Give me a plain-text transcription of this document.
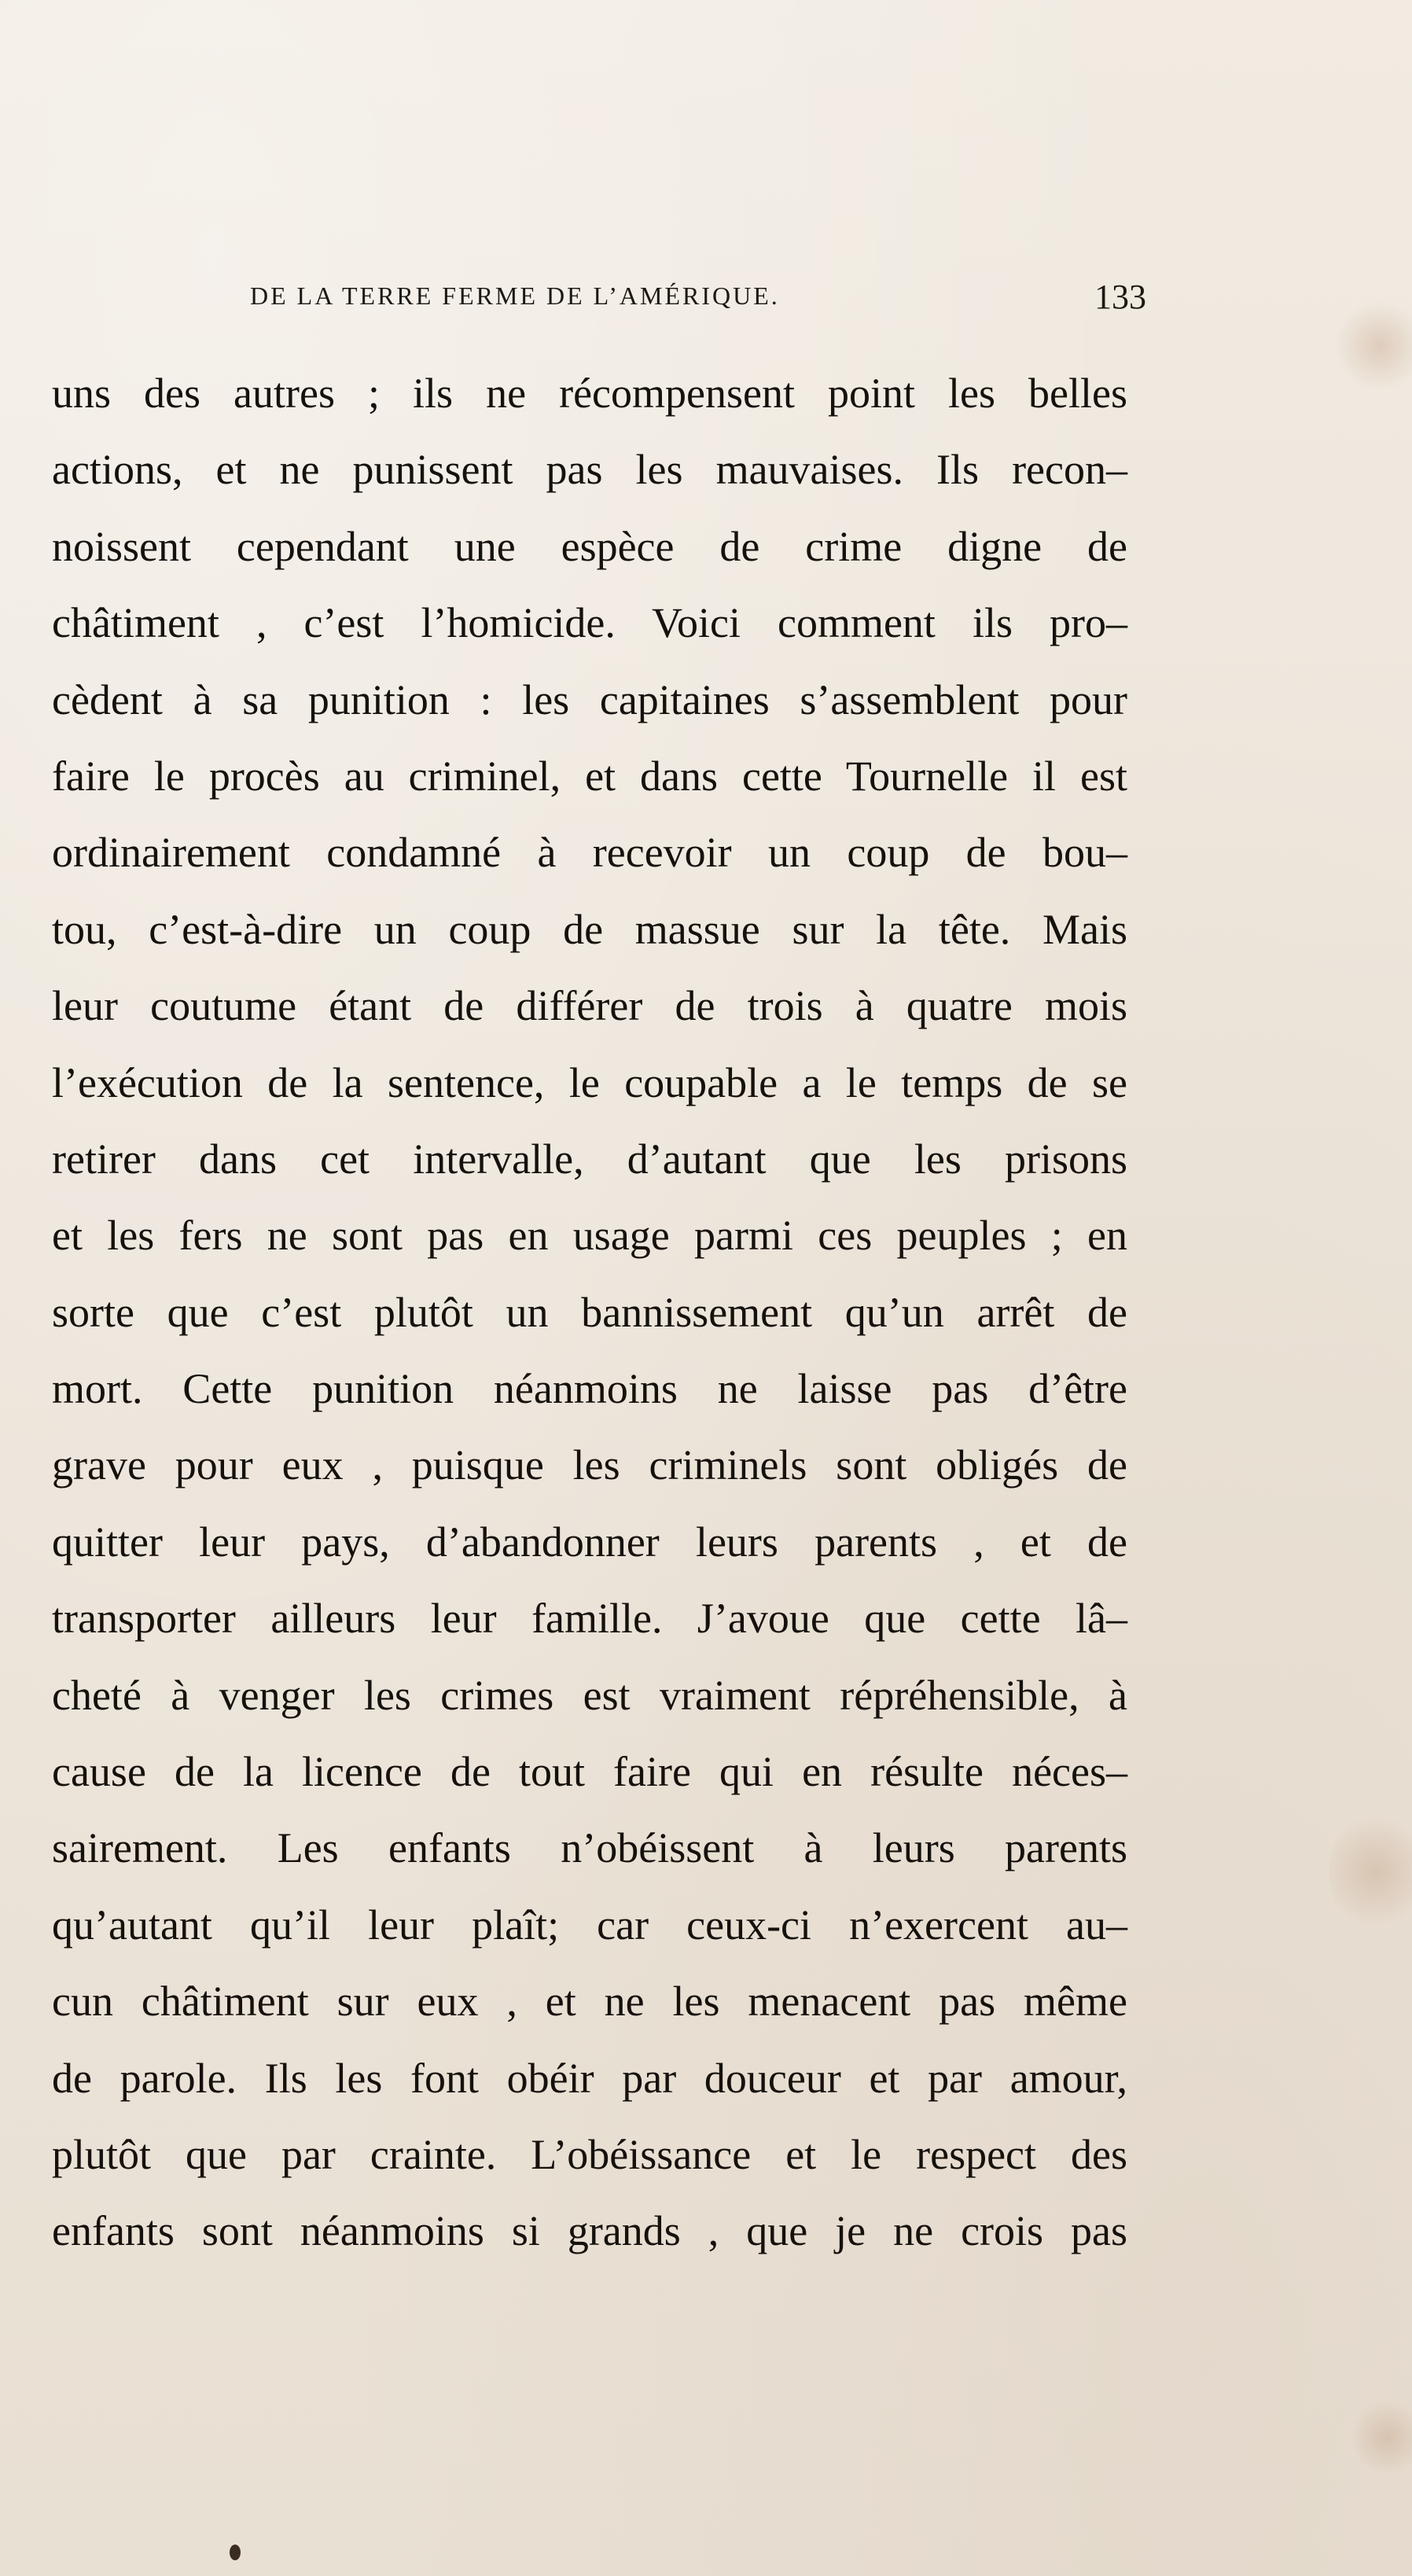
DE LA TERRE FERME DE L’AMÉRIQUE.	133
uns des autres ; ils ne récompensent point les belles
actions, et ne punissent pas les mauvaises. Ils recon–
noissent cependant une espèce de crime digne de
châtiment , c’est l’homicide. Voici comment ils pro–
cèdent à sa punition : les capitaines s’assemblent pour
faire le procès au criminel, et dans cette Tournelle il est
ordinairement condamné à recevoir un coup de bou–
tou, c’est-à-dire un coup de massue sur la tête. Mais
leur coutume étant de différer de trois à quatre mois
l’exécution de la sentence, le coupable a le temps de se
retirer dans cet intervalle, d’autant que les prisons
et les fers ne sont pas en usage parmi ces peuples ; en
sorte que c’est plutôt un bannissement qu’un arrêt de
mort. Cette punition néanmoins ne laisse pas d’être
grave pour eux , puisque les criminels sont obligés de
quitter leur pays, d’abandonner leurs parents , et de
transporter ailleurs leur famille. J’avoue que cette lâ–
cheté à venger les crimes est vraiment répréhensible, à
cause de la licence de tout faire qui en résulte néces–
sairement. Les enfants n’obéissent à leurs parents
qu’autant qu’il leur plaît; car ceux-ci n’exercent au–
cun châtiment sur eux , et ne les menacent pas même
de parole. Ils les font obéir par douceur et par amour,
plutôt que par crainte. L’obéissance et le respect des
enfants sont néanmoins si grands , que je ne crois pas
